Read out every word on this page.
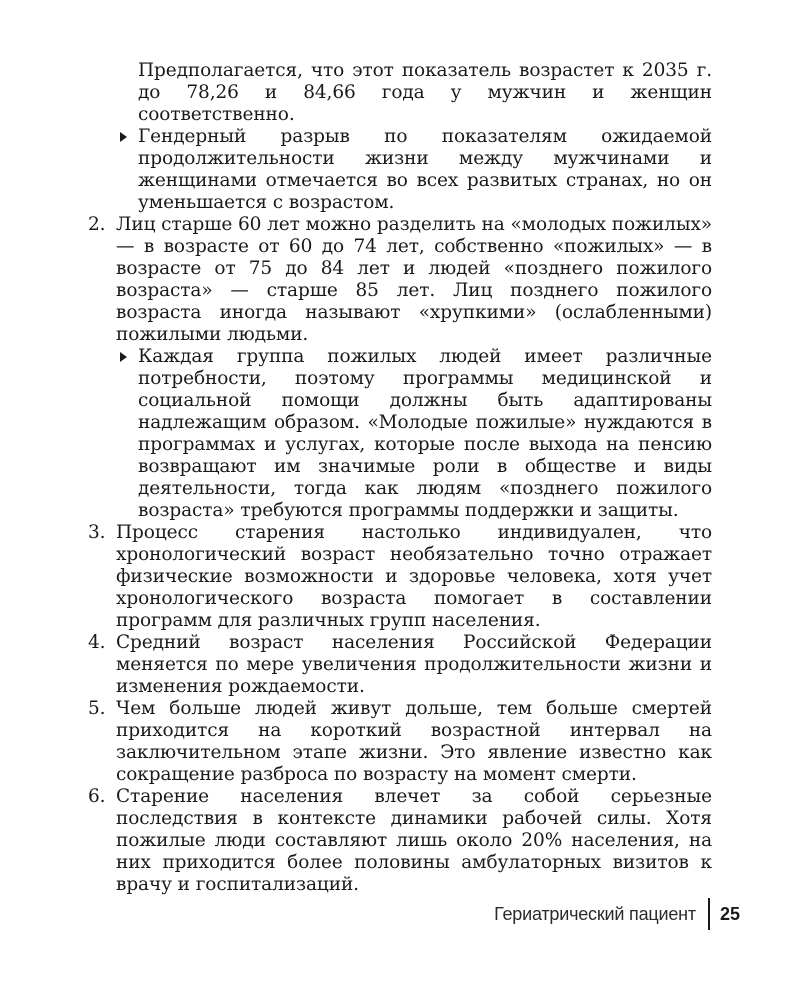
Предполагается, что этот показатель возрастет к 2035 г. до 78,26 и 84,66 года у мужчин и женщин соответственно.

Гендерный разрыв по показателям ожидаемой продолжительности жизни между мужчинами и женщинами отмечается во всех развитых странах, но он уменьшается с возрастом.
2. Лиц старше 60 лет можно разделить на «молодых пожилых» — в возрасте от 60 до 74 лет, собственно «пожилых» — в возрасте от 75 до 84 лет и людей «позднего пожилого возраста» — старше 85 лет. Лиц позднего пожилого возраста иногда называют «хрупкими» (ослабленными) пожилыми людьми.
Каждая группа пожилых людей имеет различные потребности, поэтому программы медицинской и социальной помощи должны быть адаптированы надлежащим образом. «Молодые пожилые» нуждаются в программах и услугах, которые после выхода на пенсию возвращают им значимые роли в обществе и виды деятельности, тогда как людям «позднего пожилого возраста» требуются программы поддержки и защиты.
3. Процесс старения настолько индивидуален, что хронологический возраст необязательно точно отражает физические возможности и здоровье человека, хотя учет хронологического возраста помогает в составлении программ для различных групп населения.
4. Средний возраст населения Российской Федерации меняется по мере увеличения продолжительности жизни и изменения рождаемости.
5. Чем больше людей живут дольше, тем больше смертей приходится на короткий возрастной интервал на заключительном этапе жизни. Это явление известно как сокращение разброса по возрасту на момент смерти.
6. Старение населения влечет за собой серьезные последствия в контексте динамики рабочей силы. Хотя пожилые люди составляют лишь около 20% населения, на них приходится более половины амбулаторных визитов к врачу и госпитализаций.
Гериатрический пациент 25
